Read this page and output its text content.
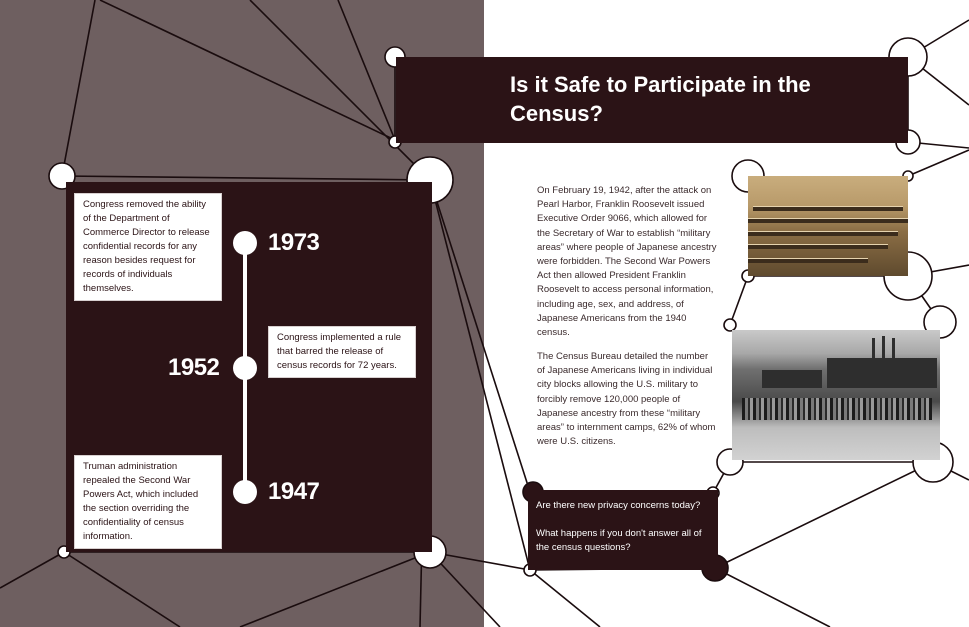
1973
1952
1947
Congress removed the ability of the Department of Commerce Director to release confidential records for any reason besides request for records of individuals themselves.
Congress implemented a rule that barred the release of census records for 72 years.
Truman administration repealed the Second War Powers Act, which included the section overriding the confidentiality of census information.
Is it Safe to Participate in the Census?
On February 19, 1942, after the attack on Pearl Harbor, Franklin Roosevelt issued Executive Order 9066, which allowed for the Secretary of War to establish “military areas” where people of Japanese ancestry were forbidden. The Second War Powers Act then allowed President Franklin Roosevelt to access personal information, including age, sex, and address, of Japanese Americans from the 1940 census.
The Census Bureau detailed the number of Japanese Americans living in individual city blocks allowing the U.S. military to forcibly remove 120,000 people of Japanese ancestry from these “military areas” to internment camps, 62% of whom were U.S. citizens.

Are there new privacy concerns today?

What happens if you don't answer all of the census questions?
